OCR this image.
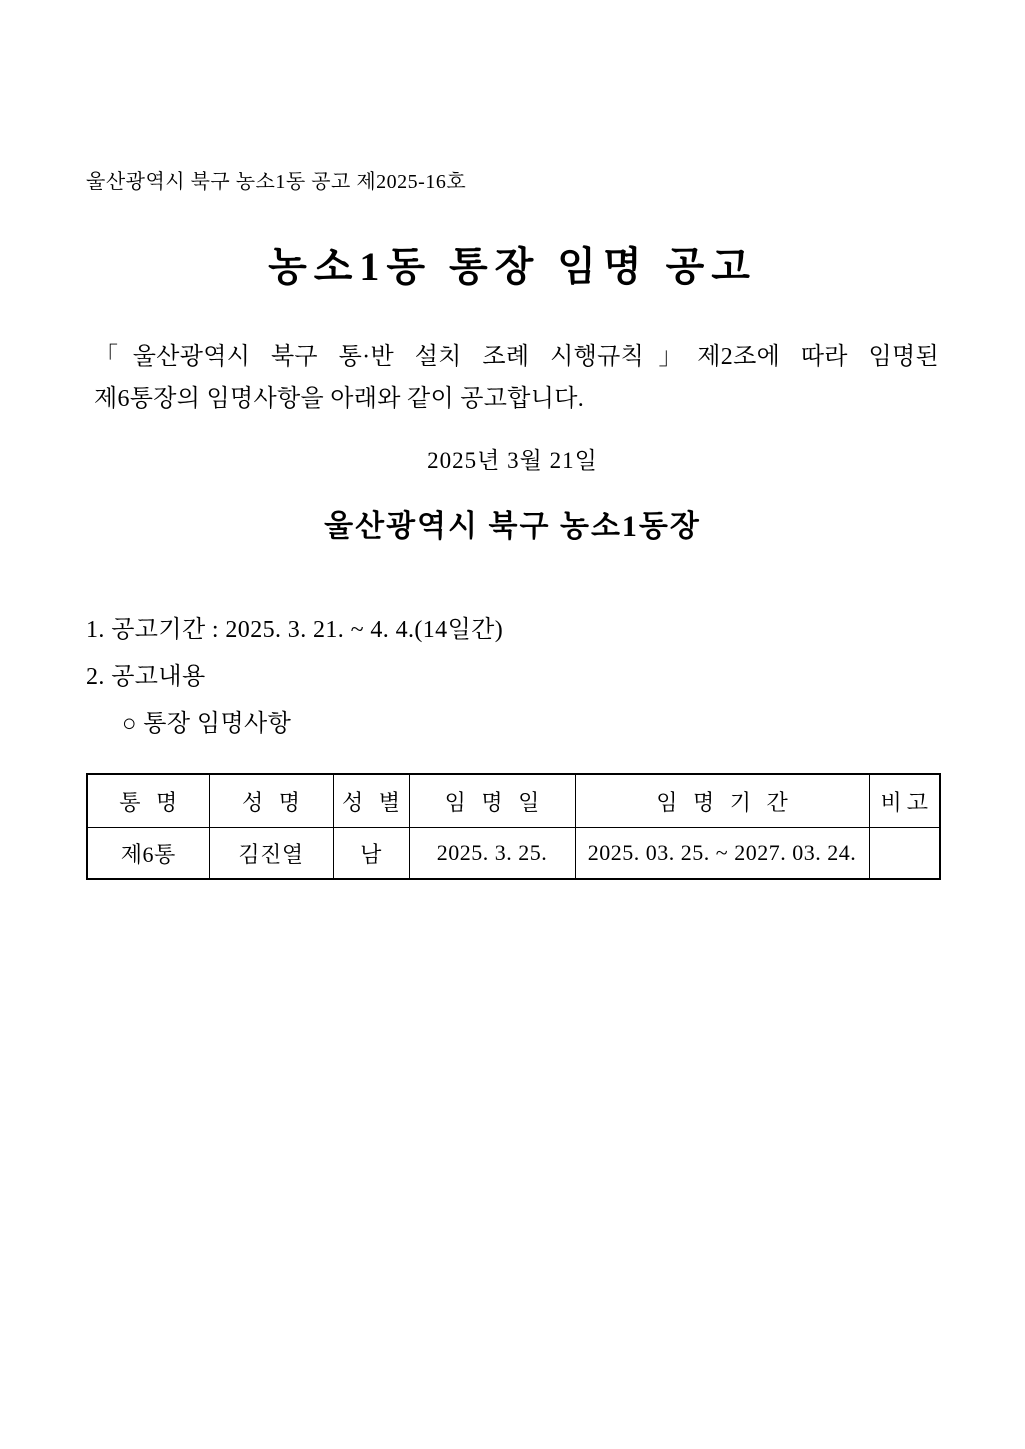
울산광역시 북구 농소1동 공고 제2025-16호
농소1동 통장 임명 공고
「울산광역시 북구 통·반 설치 조례 시행규칙」제2조에 따라 임명된
제6통장의 임명사항을 아래와 같이 공고합니다.
2025년 3월 21일
울산광역시 북구 농소1동장
1. 공고기간 : 2025. 3. 21. ~ 4. 4.(14일간)
2. 공고내용
○ 통장 임명사항
통 명	성 명	성 별	임 명 일	임 명 기 간	비고
제6통	김진열	남	2025. 3. 25.	2025. 03. 25. ~ 2027. 03. 24.	
